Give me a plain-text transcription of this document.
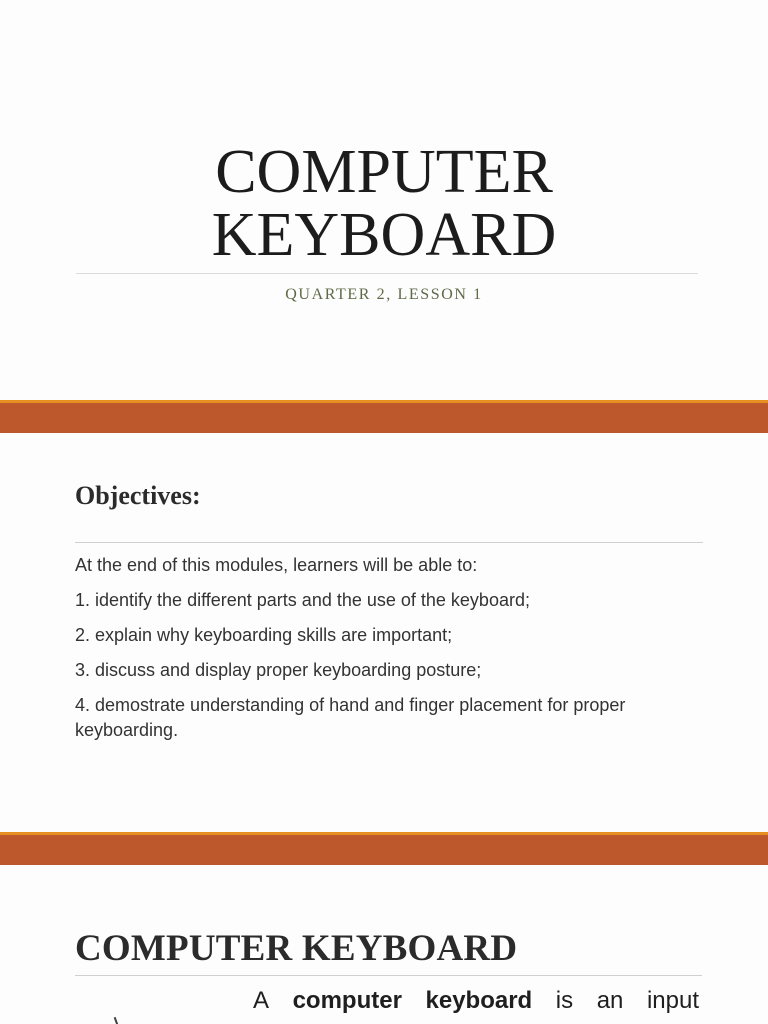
COMPUTER
KEYBOARD
QUARTER 2, LESSON 1
Objectives:
At the end of this modules, learners will be able to:
1. identify the different parts and the use of the keyboard;
2. explain why keyboarding skills are important;
3. discuss and display proper keyboarding posture;
4. demostrate understanding of hand and finger placement for proper keyboarding.
COMPUTER KEYBOARD
A computer keyboard is an input
